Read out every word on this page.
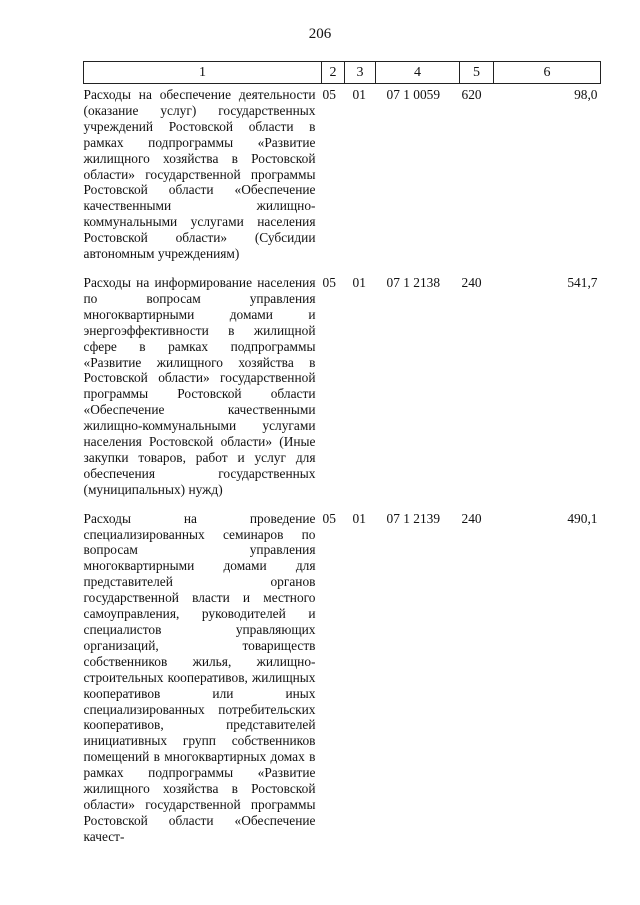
206
1	2	3	4	5	6
Расходы на обеспечение деятельности (оказание услуг) государственных учреждений Ростовской области в рамках подпрограммы «Развитие жилищного хозяйства в Ростовской области» государственной программы Ростовской области «Обеспечение качественными жилищно-коммунальными услугами населения Ростовской области» (Субсидии автономным учреждениям)	05	01	07 1 0059	620	98,0
Расходы на информирование населения по вопросам управления многоквартирными домами и энергоэффективности в жилищной сфере в рамках подпрограммы «Развитие жилищного хозяйства в Ростовской области» государственной программы Ростовской области «Обеспечение качественными жилищно-коммунальными услугами населения Ростовской области» (Иные закупки товаров, работ и услуг для обеспечения государственных (муниципальных) нужд)	05	01	07 1 2138	240	541,7
Расходы на проведение специализированных семинаров по вопросам управления многоквартирными домами для представителей органов государственной власти и местного самоуправления, руководителей и специалистов управляющих организаций, товариществ собственников жилья, жилищно-строительных кооперативов, жилищных кооперативов или иных специализированных потребительских кооперативов, представителей инициативных групп собственников помещений в многоквартирных домах в рамках подпрограммы «Развитие жилищного хозяйства в Ростовской области» государственной программы Ростовской области «Обеспечение качест-	05	01	07 1 2139	240	490,1
